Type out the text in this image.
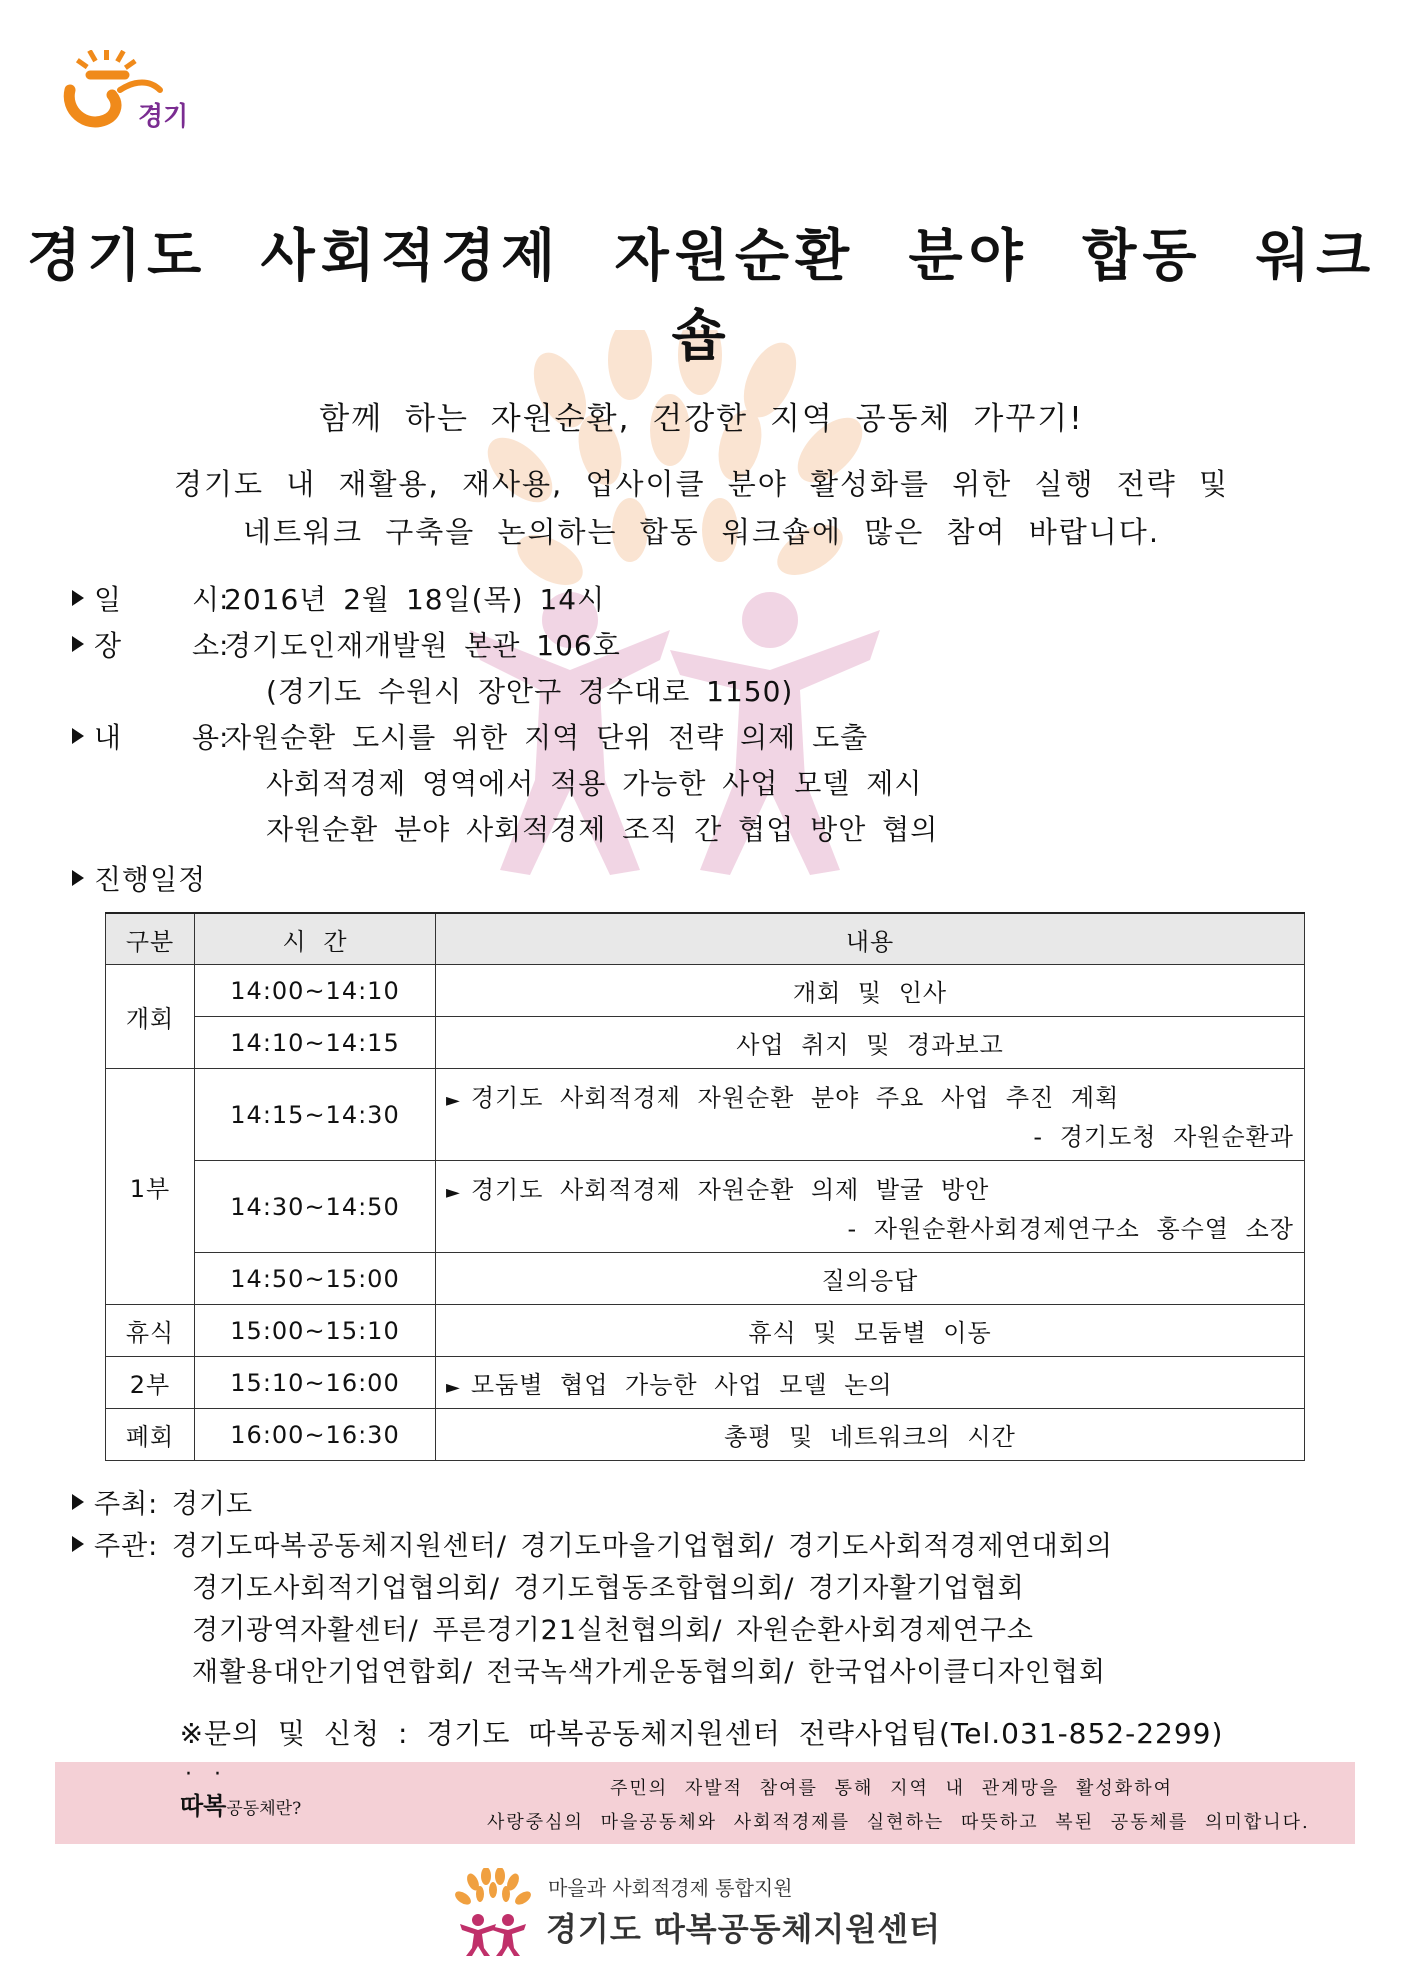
경기
경기도 사회적경제 자원순환 분야 합동 워크숍
함께 하는 자원순환, 건강한 지역 공동체 가꾸기!
경기도 내 재활용, 재사용, 업사이클 분야 활성화를 위한 실행 전략 및
네트워크 구축을 논의하는 합동 워크숍에 많은 참여 바랍니다.
일	시:2016년 2월 18일(목) 14시
장	소:경기도인재개발원 본관 106호
(경기도 수원시 장안구 경수대로 1150)
내	용:자원순환 도시를 위한 지역 단위 전략 의제 도출
사회적경제 영역에서 적용 가능한 사업 모델 제시
자원순환 분야 사회적경제 조직 간 협업 방안 협의
진행일정
구분	시 간	내용
개회	14:00~14:10	개회 및 인사
	14:10~14:15	사업 취지 및 경과보고
1부	14:15~14:30	► 경기도 사회적경제 자원순환 분야 주요 사업 추진 계획
- 경기도청 자원순환과

	14:30~14:50	► 경기도 사회적경제 자원순환 의제 발굴 방안
- 자원순환사회경제연구소 홍수열 소장

	14:50~15:00	질의응답
휴식	15:00~15:10	휴식 및 모둠별 이동
2부	15:10~16:00	► 모둠별 협업 가능한 사업 모델 논의
폐회	16:00~16:30	총평 및 네트워크의 시간
주최: 경기도
주관: 경기도따복공동체지원센터/ 경기도마을기업협회/ 경기도사회적경제연대회의
경기도사회적기업협의회/ 경기도협동조합협의회/ 경기자활기업협회
경기광역자활센터/ 푸른경기21실천협의회/ 자원순환사회경제연구소
재활용대안기업연합회/ 전국녹색가게운동협의회/ 한국업사이클디자인협회
※문의 및 신청 : 경기도 따복공동체지원센터 전략사업팀(Tel.031-852-2299)
··
따복공동체란?
주민의 자발적 참여를 통해 지역 내 관계망을 활성화하여
사랑중심의 마을공동체와 사회적경제를 실현하는 따뜻하고 복된 공동체를 의미합니다.
마을과 사회적경제 통합지원
경기도 따복공동체지원센터
